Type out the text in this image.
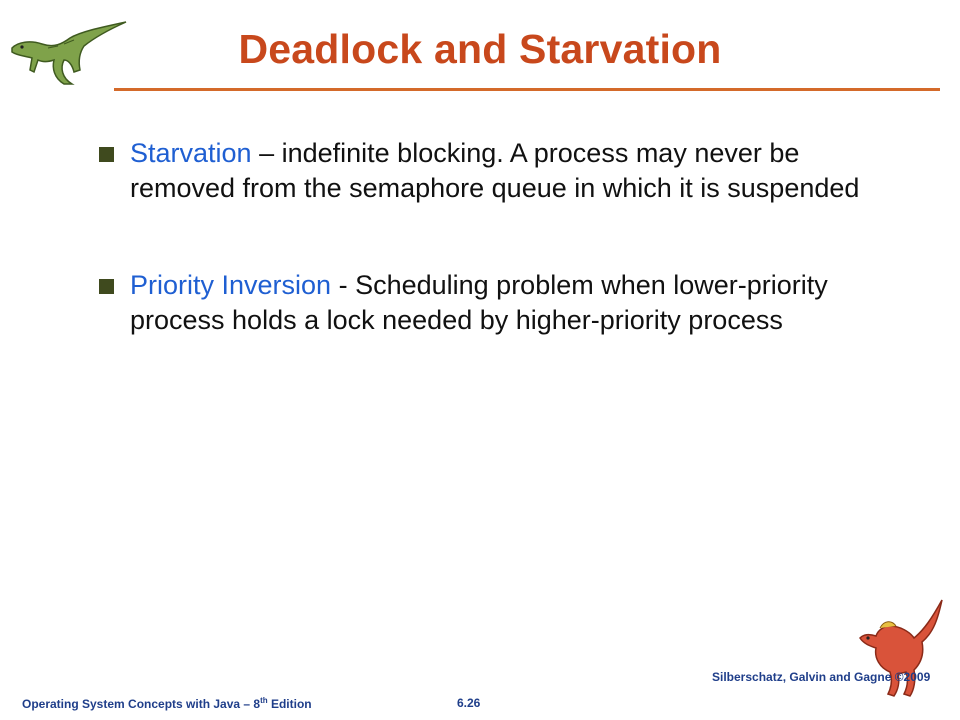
Deadlock and Starvation
Starvation – indefinite blocking. A process may never be removed from the semaphore queue in which it is suspended
Priority Inversion - Scheduling problem when lower-priority process holds a lock needed by higher-priority process
Operating System Concepts with Java – 8th Edition	6.26
Silberschatz, Galvin and Gagne ©2009
